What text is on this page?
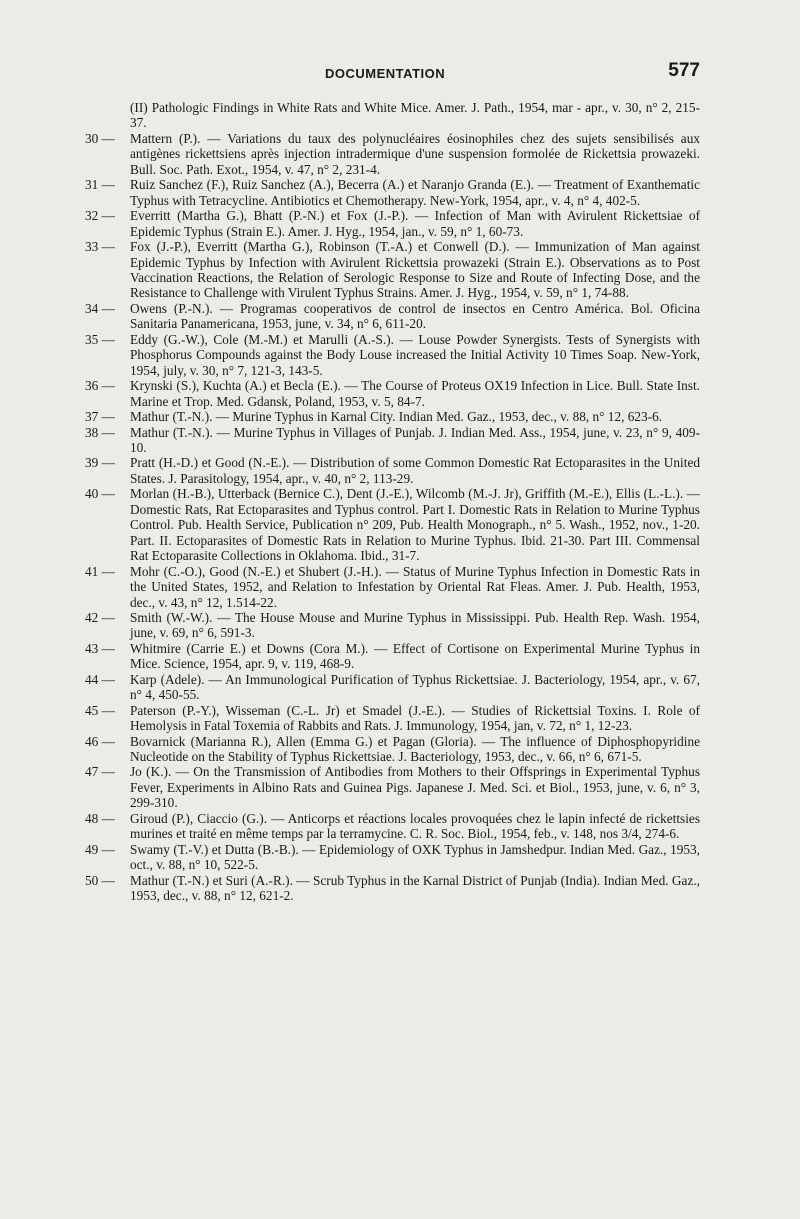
DOCUMENTATION	577

(II) Pathologic Findings in White Rats and White Mice. Amer. J. Path., 1954, mar - apr., v. 30, n° 2, 215-37.

30 —	Mattern (P.). — Variations du taux des polynucléaires éosinophiles chez des sujets sensibilisés aux antigènes rickettsiens après injection intradermique d'une suspension formolée de Rickettsia prowazeki. Bull. Soc. Path. Exot., 1954, v. 47, n° 2, 231-4.

31 —	Ruiz Sanchez (F.), Ruiz Sanchez (A.), Becerra (A.) et Naranjo Granda (E.). — Treatment of Exanthematic Typhus with Tetracycline. Antibiotics et Chemotherapy. New-York, 1954, apr., v. 4, n° 4, 402-5.

32 —	Everritt (Martha G.), Bhatt (P.-N.) et Fox (J.-P.). — Infection of Man with Avirulent Rickettsiae of Epidemic Typhus (Strain E.). Amer. J. Hyg., 1954, jan., v. 59, n° 1, 60-73.

33 —	Fox (J.-P.), Everritt (Martha G.), Robinson (T.-A.) et Conwell (D.). — Immunization of Man against Epidemic Typhus by Infection with Avirulent Rickettsia prowazeki (Strain E.). Observations as to Post Vaccination Reactions, the Relation of Serologic Response to Size and Route of Infecting Dose, and the Resistance to Challenge with Virulent Typhus Strains. Amer. J. Hyg., 1954, v. 59, n° 1, 74-88.

34 —	Owens (P.-N.). — Programas cooperativos de control de insectos en Centro América. Bol. Oficina Sanitaria Panamericana, 1953, june, v. 34, n° 6, 611-20.

35 —	Eddy (G.-W.), Cole (M.-M.) et Marulli (A.-S.). — Louse Powder Synergists. Tests of Synergists with Phosphorus Compounds against the Body Louse increased the Initial Activity 10 Times Soap. New-York, 1954, july, v. 30, n° 7, 121-3, 143-5.

36 —	Krynski (S.), Kuchta (A.) et Becla (E.). — The Course of Proteus OX19 Infection in Lice. Bull. State Inst. Marine et Trop. Med. Gdansk, Poland, 1953, v. 5, 84-7.

37 —	Mathur (T.-N.). — Murine Typhus in Karnal City. Indian Med. Gaz., 1953, dec., v. 88, n° 12, 623-6.

38 —	Mathur (T.-N.). — Murine Typhus in Villages of Punjab. J. Indian Med. Ass., 1954, june, v. 23, n° 9, 409-10.

39 —	Pratt (H.-D.) et Good (N.-E.). — Distribution of some Common Domestic Rat Ectoparasites in the United States. J. Parasitology, 1954, apr., v. 40, n° 2, 113-29.

40 —	Morlan (H.-B.), Utterback (Bernice C.), Dent (J.-E.), Wilcomb (M.-J. Jr), Griffith (M.-E.), Ellis (L.-L.). — Domestic Rats, Rat Ectoparasites and Typhus control. Part I. Domestic Rats in Relation to Murine Typhus Control. Pub. Health Service, Publication n° 209, Pub. Health Monograph., n° 5. Wash., 1952, nov., 1-20. Part. II. Ectoparasites of Domestic Rats in Relation to Murine Typhus. Ibid. 21-30. Part III. Commensal Rat Ectoparasite Collections in Oklahoma. Ibid., 31-7.

41 —	Mohr (C.-O.), Good (N.-E.) et Shubert (J.-H.). — Status of Murine Typhus Infection in Domestic Rats in the United States, 1952, and Relation to Infestation by Oriental Rat Fleas. Amer. J. Pub. Health, 1953, dec., v. 43, n° 12, 1.514-22.

42 —	Smith (W.-W.). — The House Mouse and Murine Typhus in Mississippi. Pub. Health Rep. Wash. 1954, june, v. 69, n° 6, 591-3.

43 —	Whitmire (Carrie E.) et Downs (Cora M.). — Effect of Cortisone on Experimental Murine Typhus in Mice. Science, 1954, apr. 9, v. 119, 468-9.

44 —	Karp (Adele). — An Immunological Purification of Typhus Rickettsiae. J. Bacteriology, 1954, apr., v. 67, n° 4, 450-55.

45 —	Paterson (P.-Y.), Wisseman (C.-L. Jr) et Smadel (J.-E.). — Studies of Rickettsial Toxins. I. Role of Hemolysis in Fatal Toxemia of Rabbits and Rats. J. Immunology, 1954, jan, v. 72, n° 1, 12-23.

46 —	Bovarnick (Marianna R.), Allen (Emma G.) et Pagan (Gloria). — The influence of Diphosphopyridine Nucleotide on the Stability of Typhus Rickettsiae. J. Bacteriology, 1953, dec., v. 66, n° 6, 671-5.

47 —	Jo (K.). — On the Transmission of Antibodies from Mothers to their Offsprings in Experimental Typhus Fever, Experiments in Albino Rats and Guinea Pigs. Japanese J. Med. Sci. et Biol., 1953, june, v. 6, n° 3, 299-310.

48 —	Giroud (P.), Ciaccio (G.). — Anticorps et réactions locales provoquées chez le lapin infecté de rickettsies murines et traité en même temps par la terramycine. C. R. Soc. Biol., 1954, feb., v. 148, nos 3/4, 274-6.

49 —	Swamy (T.-V.) et Dutta (B.-B.). — Epidemiology of OXK Typhus in Jamshedpur. Indian Med. Gaz., 1953, oct., v. 88, n° 10, 522-5.

50 —	Mathur (T.-N.) et Suri (A.-R.). — Scrub Typhus in the Karnal District of Punjab (India). Indian Med. Gaz., 1953, dec., v. 88, n° 12, 621-2.
